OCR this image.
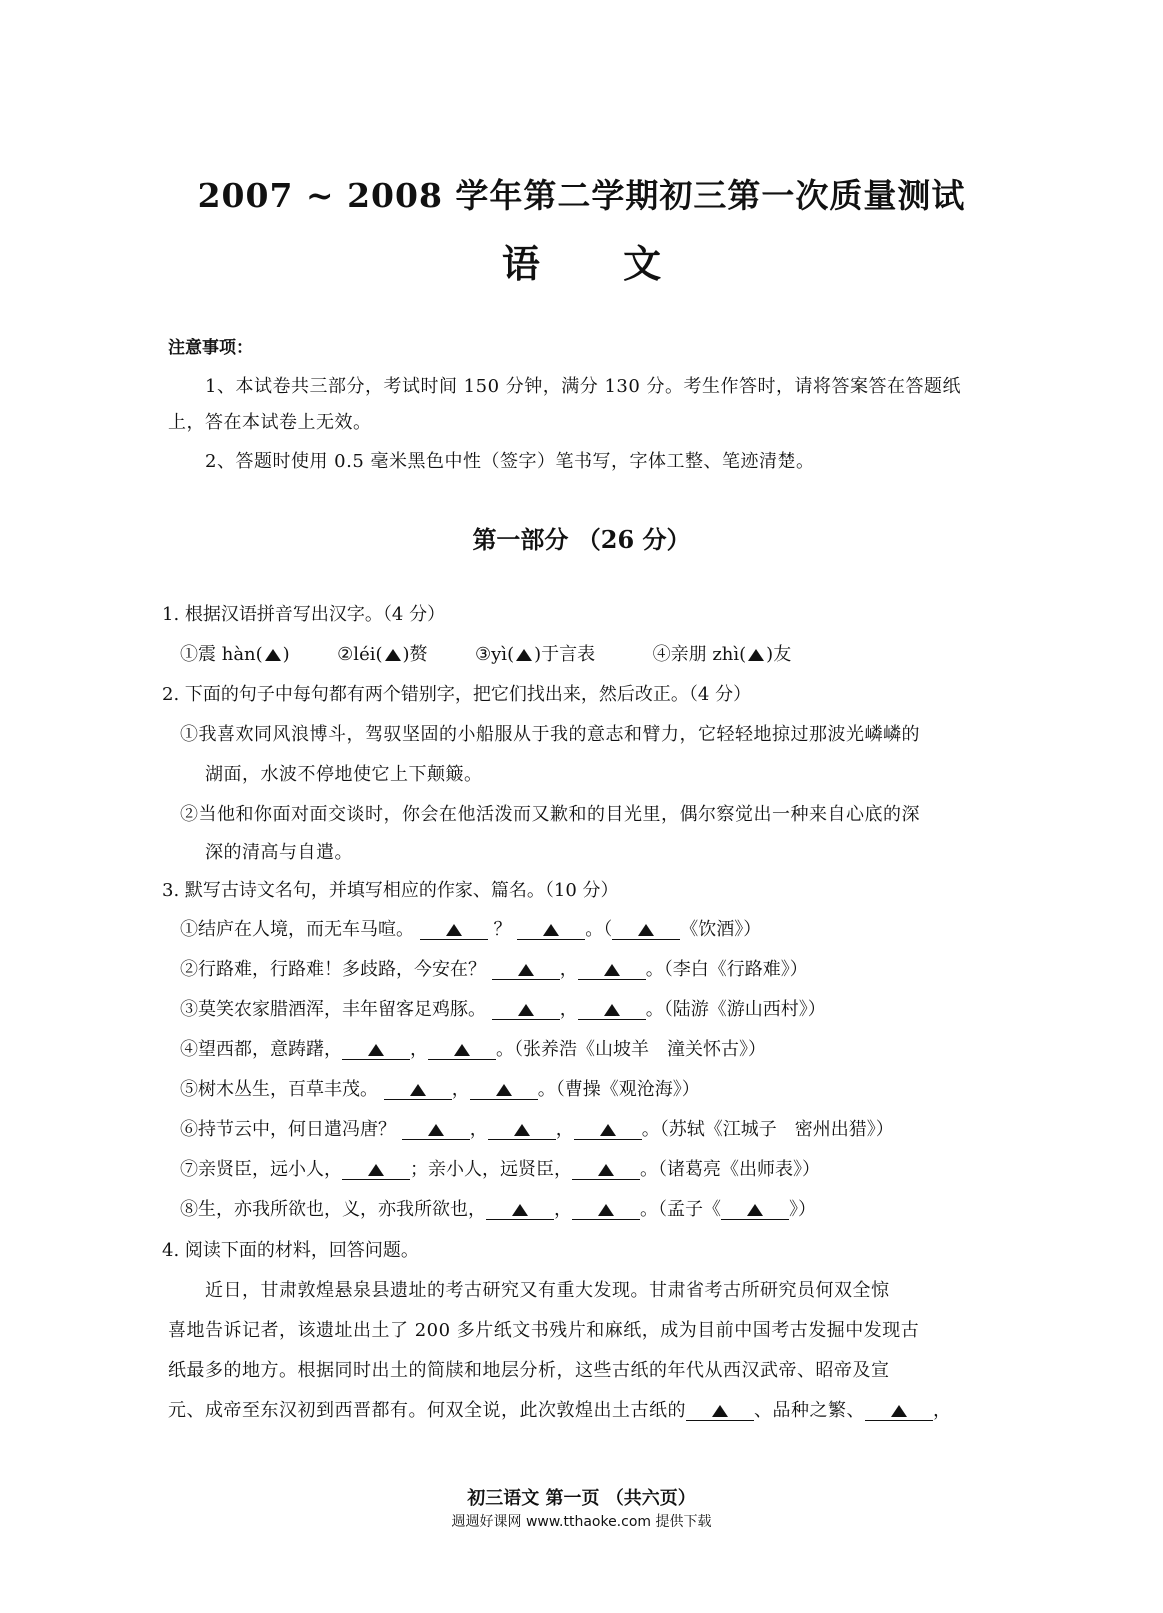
2007 ~ 2008 学年第二学期初三第一次质量测试
语 文
注意事项：
1、本试卷共三部分，考试时间 150 分钟，满分 130 分。考生作答时，请将答案答在答题纸
上，答在本试卷上无效。
2、答题时使用 0.5 毫米黑色中性（签字）笔书写，字体工整、笔迹清楚。
第一部分 （26 分）
1. 根据汉语拼音写出汉字。（4 分）
①震 hàn( )	②léi( )赘	③yì( )于言表	④亲朋 zhì( )友
2. 下面的句子中每句都有两个错别字，把它们找出来，然后改正。（4 分）
①我喜欢同风浪博斗，驾驭坚固的小船服从于我的意志和臂力，它轻轻地掠过那波光嶙嶙的
湖面，水波不停地使它上下颠簸。
②当他和你面对面交谈时，你会在他活泼而又歉和的目光里，偶尔察觉出一种来自心底的深
深的清高与自遣。
3. 默写古诗文名句，并填写相应的作家、篇名。（10 分）
①结庐在人境，而无车马喧。	？	。（	《饮酒》）
②行路难，行路难！多歧路，今安在？	，	。（李白《行路难》）
③莫笑农家腊酒浑，丰年留客足鸡豚。	，	。（陆游《游山西村》）
④望西都，意踌躇，	，	。（张养浩《山坡羊　潼关怀古》）
⑤树木丛生，百草丰茂。	，	。（曹操《观沧海》）
⑥持节云中，何日遣冯唐？	，	，	。（苏轼《江城子　密州出猎》）
⑦亲贤臣，远小人，	；亲小人，远贤臣，	。（诸葛亮《出师表》）
⑧生，亦我所欲也，义，亦我所欲也，	，	。（孟子《	》）
4. 阅读下面的材料，回答问题。
近日，甘肃敦煌悬泉县遗址的考古研究又有重大发现。甘肃省考古所研究员何双全惊
喜地告诉记者，该遗址出土了 200 多片纸文书残片和麻纸，成为目前中国考古发掘中发现古
纸最多的地方。根据同时出土的简牍和地层分析，这些古纸的年代从西汉武帝、昭帝及宣
元、成帝至东汉初到西晋都有。何双全说，此次敦煌出土古纸的	、品种之繁、	，
初三语文 第一页 （共六页）
週週好课网 www.tthaoke.com 提供下载
